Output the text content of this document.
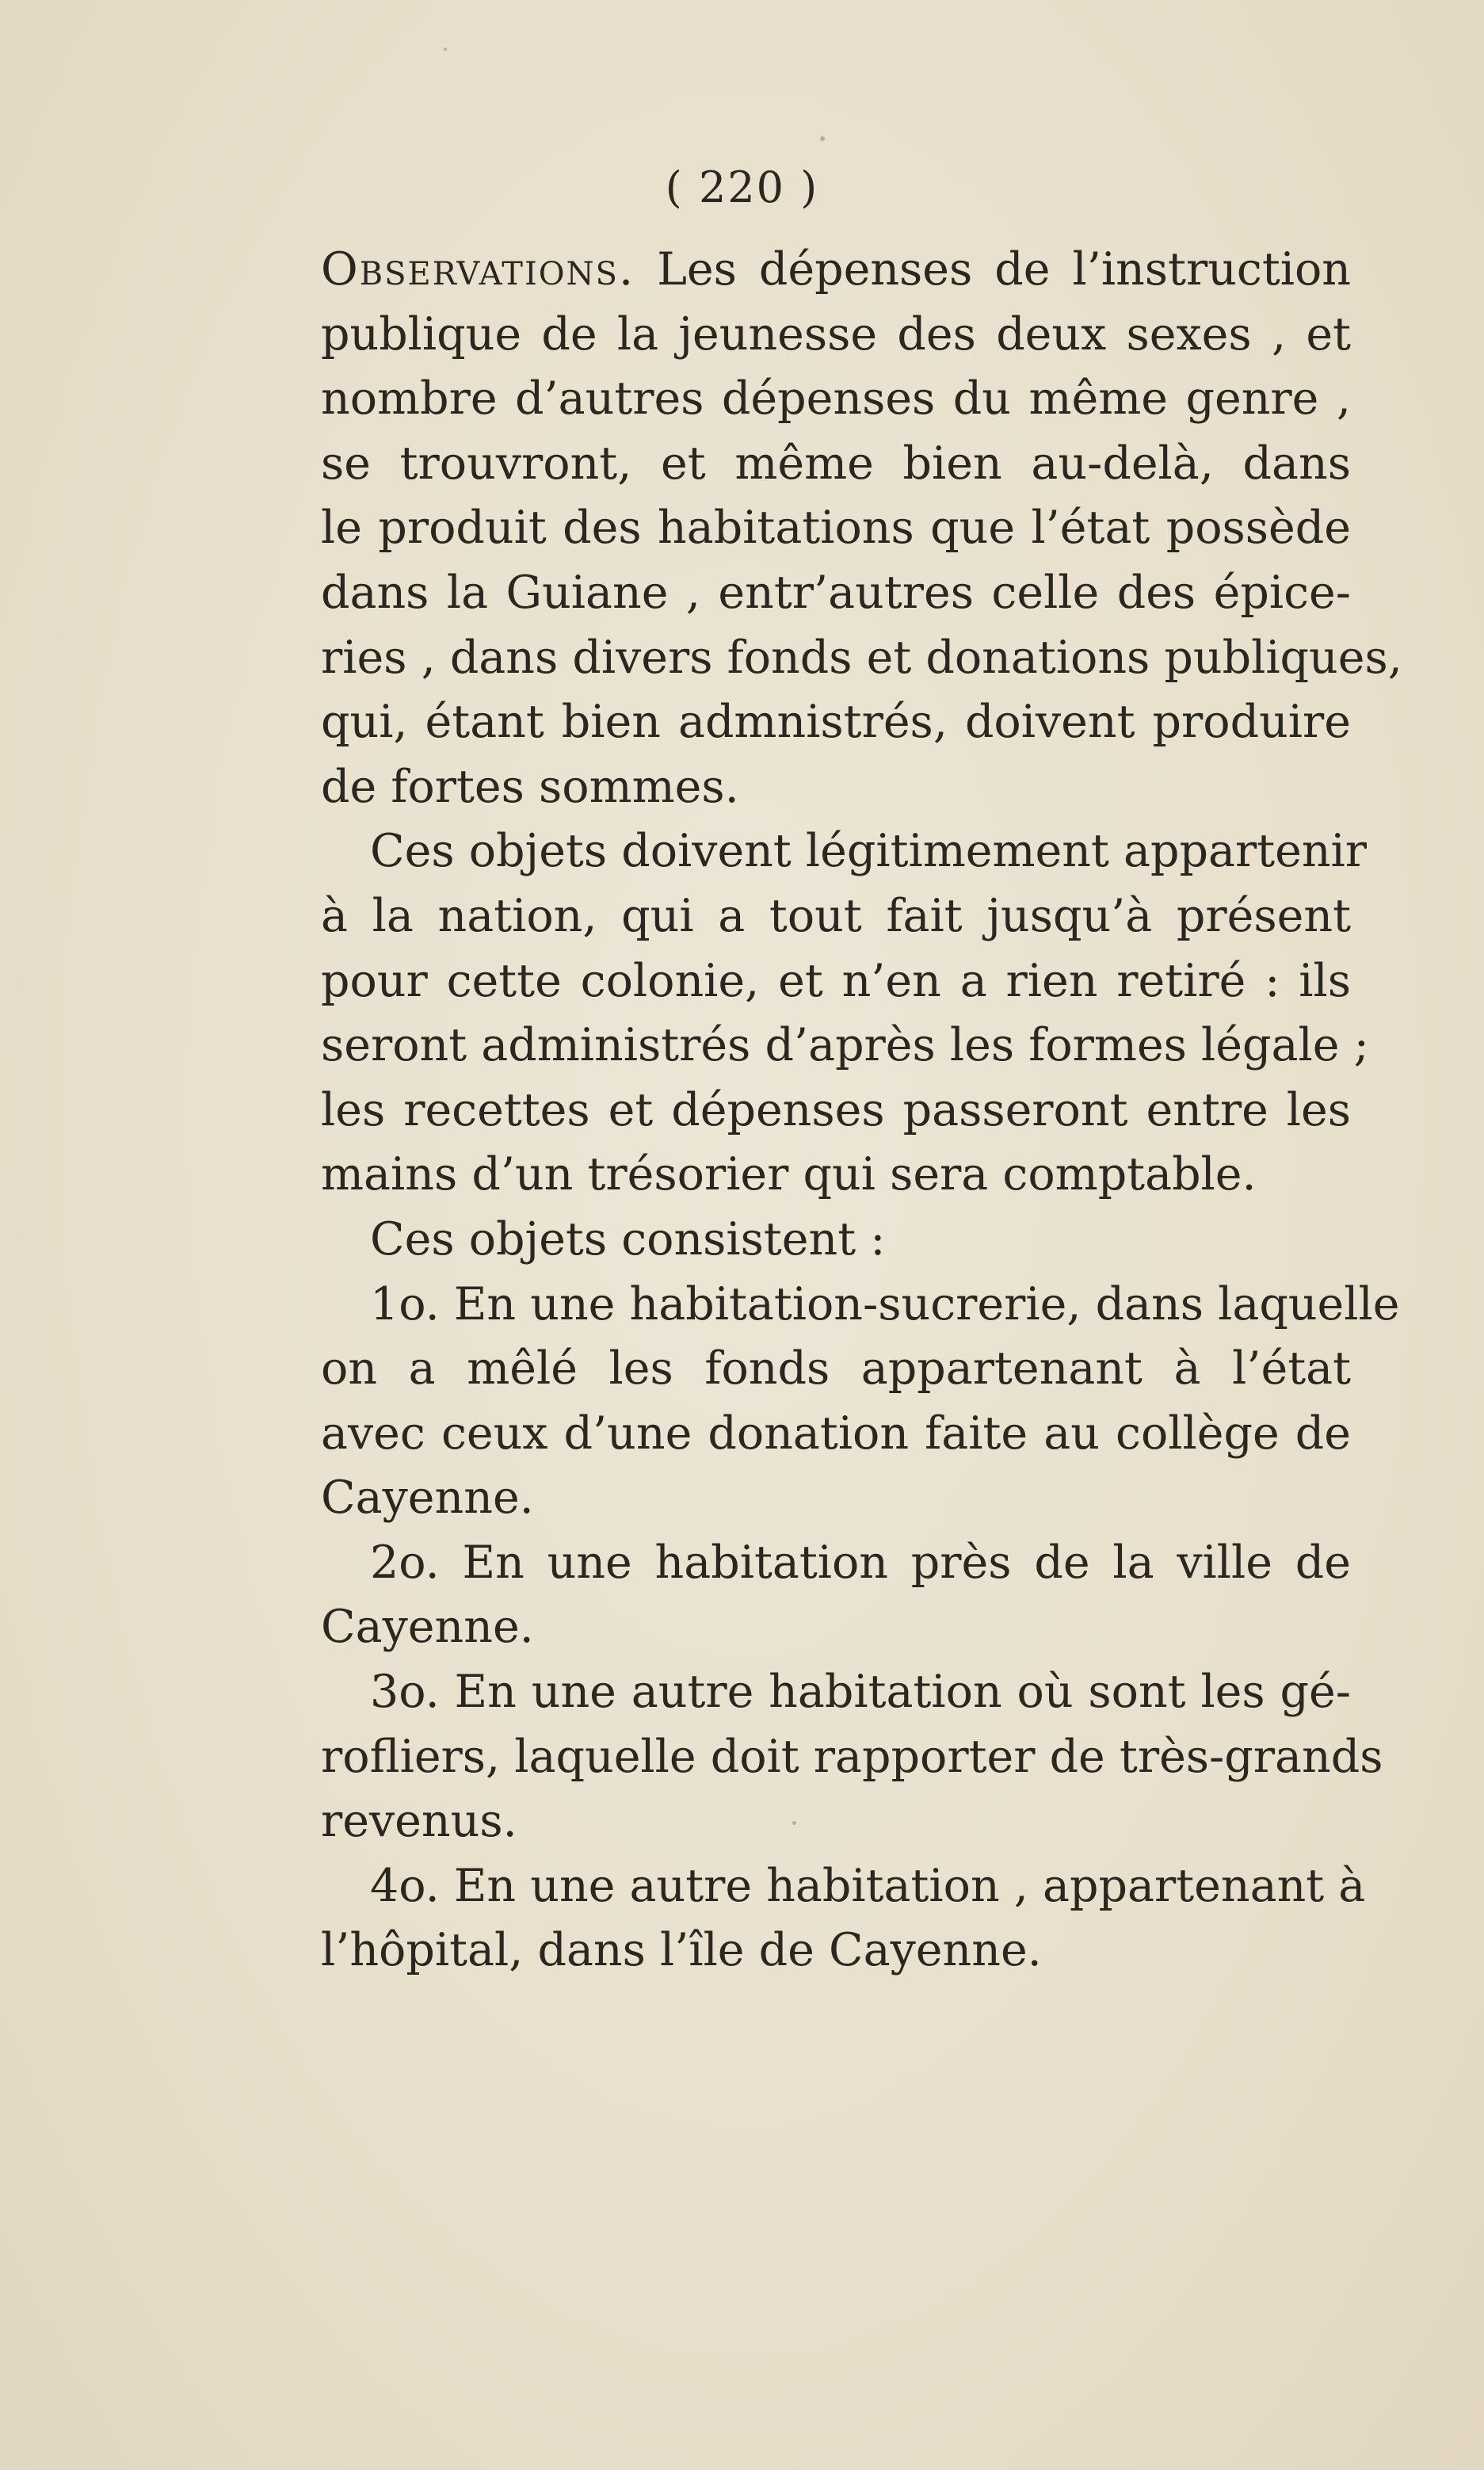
( 220 )
Observations. Les dépenses de l’instruction
publique de la jeunesse des deux sexes , et
nombre d’autres dépenses du même genre ,
se trouvront, et même bien au-delà, dans
le produit des habitations que l’état possède
dans la Guiane , entr’autres celle des épice-
ries , dans divers fonds et donations publiques,
qui, étant bien admnistrés, doivent produire
de fortes sommes.
Ces objets doivent légitimement appartenir
à la nation, qui a tout fait jusqu’à présent
pour cette colonie, et n’en a rien retiré : ils
seront administrés d’après les formes légale ;
les recettes et dépenses passeront entre les
mains d’un trésorier qui sera comptable.
Ces objets consistent :
1o. En une habitation-sucrerie, dans laquelle
on a mêlé les fonds appartenant à l’état
avec ceux d’une donation faite au collège de
Cayenne.
2o. En une habitation près de la ville de
Cayenne.
3o. En une autre habitation où sont les gé-
rofliers, laquelle doit rapporter de très-grands
revenus.
4o. En une autre habitation , appartenant à
l’hôpital, dans l’île de Cayenne.
